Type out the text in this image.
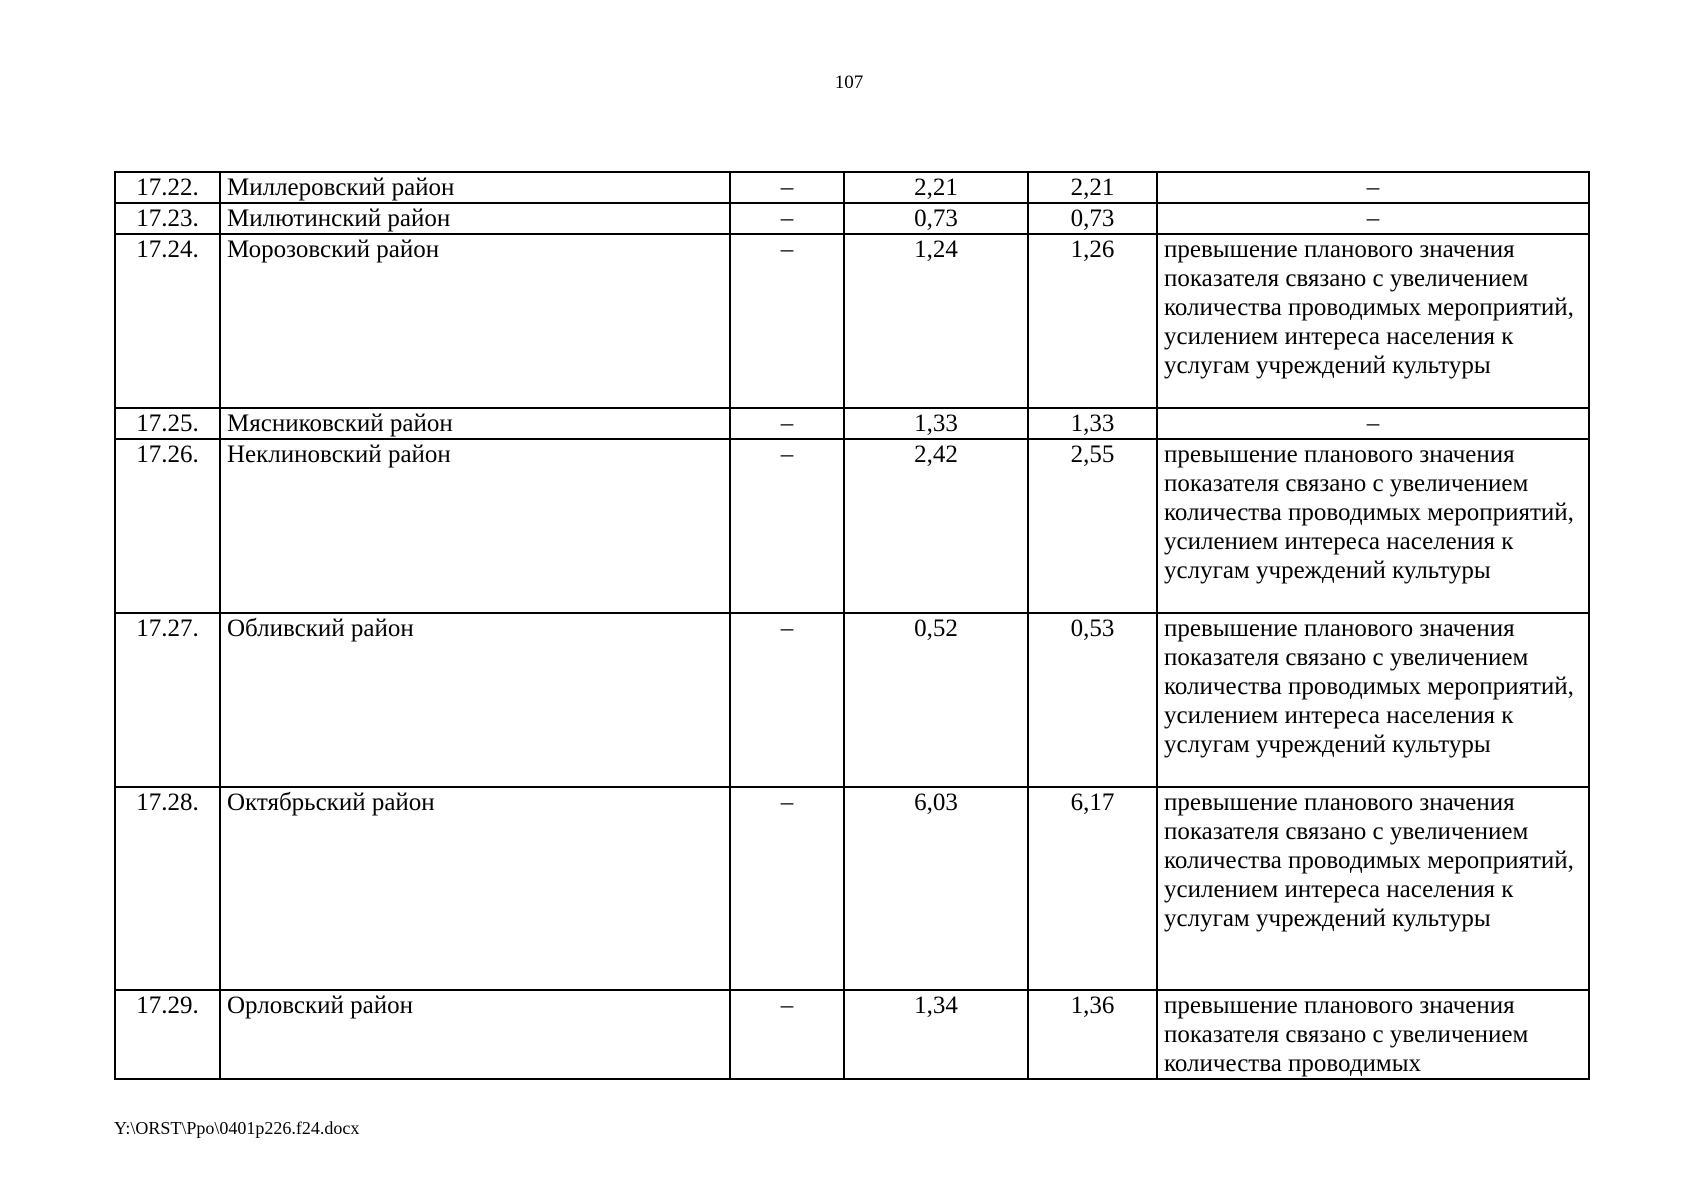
107
17.22.	Миллеровский район	–	2,21	2,21	–
17.23.	Милютинский район	–	0,73	0,73	–
17.24.	Морозовский район	–	1,24	1,26	превышение планового значения показателя связано с увеличением количества проводимых мероприятий, усилением интереса населения к услугам учреждений культуры
17.25.	Мясниковский район	–	1,33	1,33	–
17.26.	Неклиновский район	–	2,42	2,55	превышение планового значения показателя связано с увеличением количества проводимых мероприятий, усилением интереса населения к услугам учреждений культуры
17.27.	Обливский район	–	0,52	0,53	превышение планового значения показателя связано с увеличением количества проводимых мероприятий, усилением интереса населения к услугам учреждений культуры
17.28.	Октябрьский район	–	6,03	6,17	превышение планового значения показателя связано с увеличением количества проводимых мероприятий, усилением интереса населения к услугам учреждений культуры
17.29.	Орловский район	–	1,34	1,36	превышение планового значения показателя связано с увеличением количества проводимых
Y:\ORST\Ppo\0401p226.f24.docx
